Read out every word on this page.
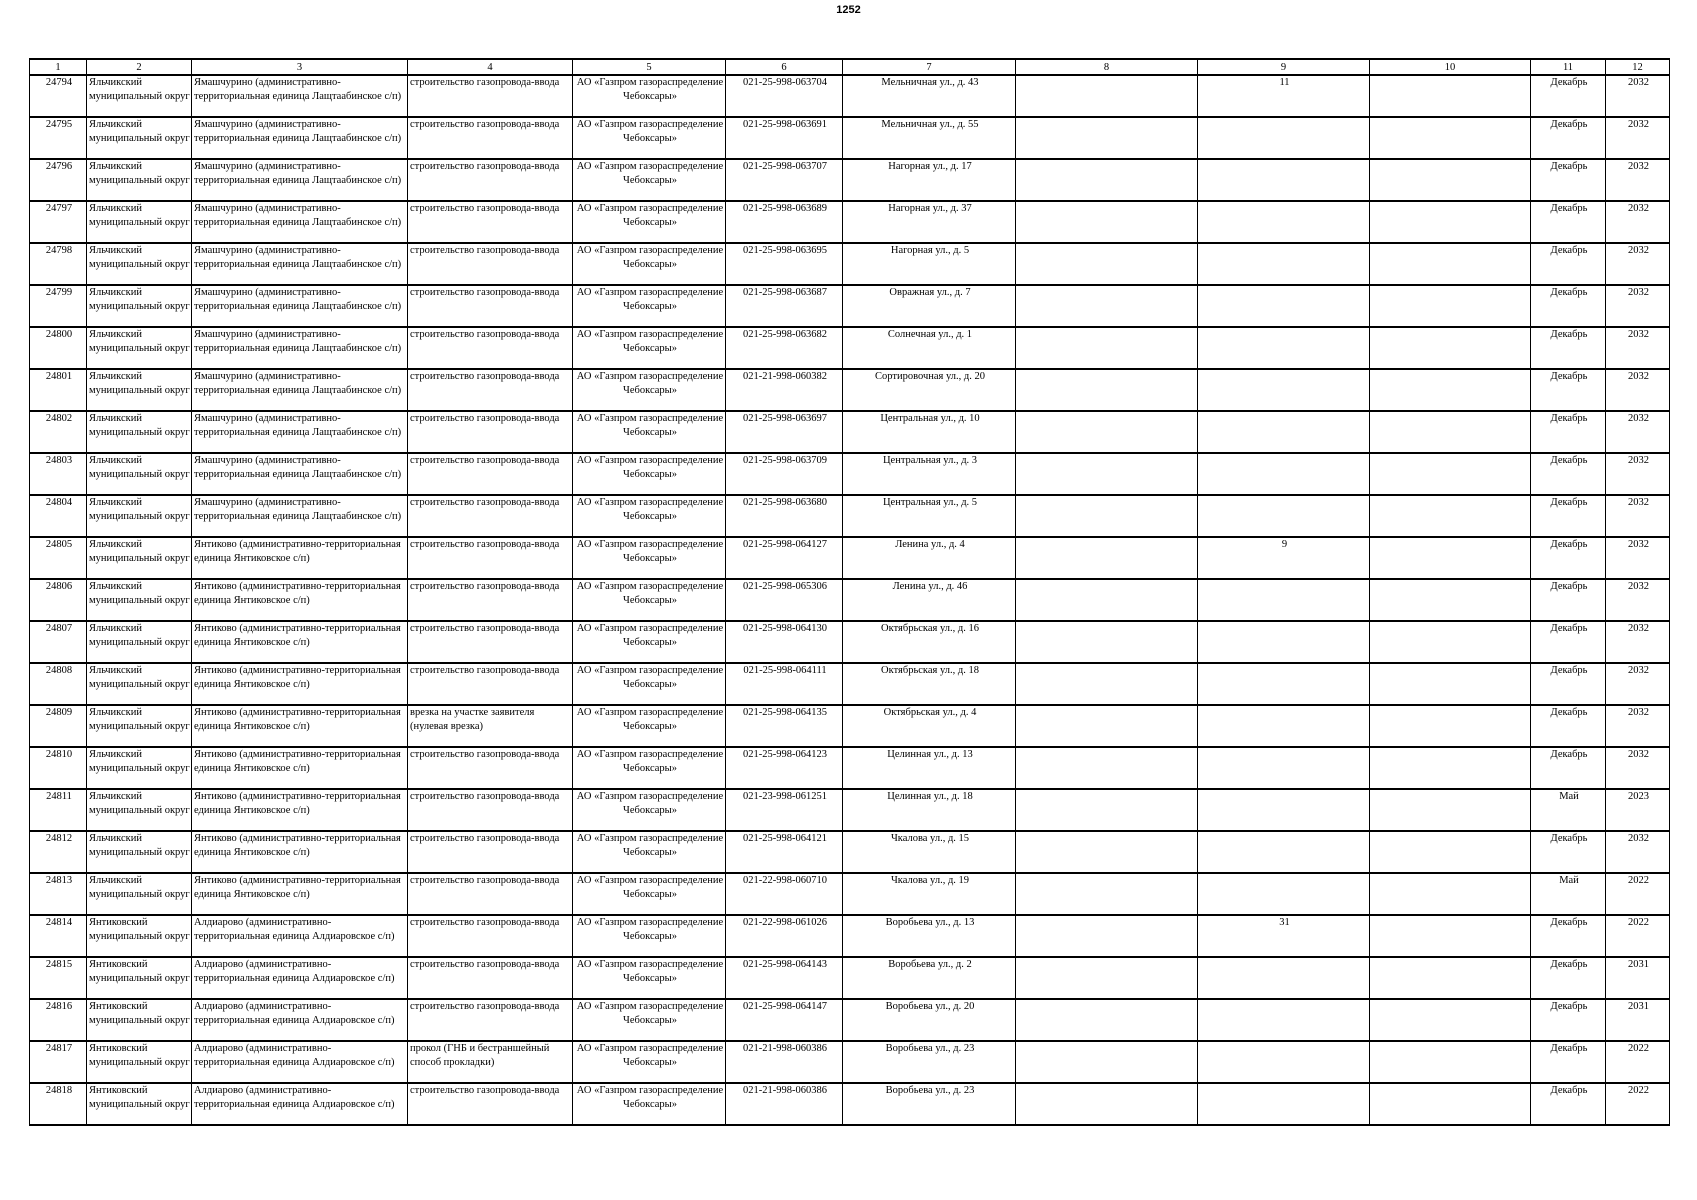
1252
1	2	3	4	5	6	7	8	9	10	11	12

24794	Яльчикский муниципальный округ	Ямашчурино (административно-территориальная единица Лащтаабинское с/п)	строительство газопровода-ввода	АО «Газпром газораспределение Чебоксары»	021-25-998-063704	Мельничная ул., д. 43		11		Декабрь	2032

24795	Яльчикский муниципальный округ	Ямашчурино (административно-территориальная единица Лащтаабинское с/п)	строительство газопровода-ввода	АО «Газпром газораспределение Чебоксары»	021-25-998-063691	Мельничная ул., д. 55				Декабрь	2032

24796	Яльчикский муниципальный округ	Ямашчурино (административно-территориальная единица Лащтаабинское с/п)	строительство газопровода-ввода	АО «Газпром газораспределение Чебоксары»	021-25-998-063707	Нагорная ул., д. 17				Декабрь	2032

24797	Яльчикский муниципальный округ	Ямашчурино (административно-территориальная единица Лащтаабинское с/п)	строительство газопровода-ввода	АО «Газпром газораспределение Чебоксары»	021-25-998-063689	Нагорная ул., д. 37				Декабрь	2032

24798	Яльчикский муниципальный округ	Ямашчурино (административно-территориальная единица Лащтаабинское с/п)	строительство газопровода-ввода	АО «Газпром газораспределение Чебоксары»	021-25-998-063695	Нагорная ул., д. 5				Декабрь	2032

24799	Яльчикский муниципальный округ	Ямашчурино (административно-территориальная единица Лащтаабинское с/п)	строительство газопровода-ввода	АО «Газпром газораспределение Чебоксары»	021-25-998-063687	Овражная ул., д. 7				Декабрь	2032

24800	Яльчикский муниципальный округ	Ямашчурино (административно-территориальная единица Лащтаабинское с/п)	строительство газопровода-ввода	АО «Газпром газораспределение Чебоксары»	021-25-998-063682	Солнечная ул., д. 1				Декабрь	2032

24801	Яльчикский муниципальный округ	Ямашчурино (административно-территориальная единица Лащтаабинское с/п)	строительство газопровода-ввода	АО «Газпром газораспределение Чебоксары»	021-21-998-060382	Сортировочная ул., д. 20				Декабрь	2032

24802	Яльчикский муниципальный округ	Ямашчурино (административно-территориальная единица Лащтаабинское с/п)	строительство газопровода-ввода	АО «Газпром газораспределение Чебоксары»	021-25-998-063697	Центральная ул., д. 10				Декабрь	2032

24803	Яльчикский муниципальный округ	Ямашчурино (административно-территориальная единица Лащтаабинское с/п)	строительство газопровода-ввода	АО «Газпром газораспределение Чебоксары»	021-25-998-063709	Центральная ул., д. 3				Декабрь	2032

24804	Яльчикский муниципальный округ	Ямашчурино (административно-территориальная единица Лащтаабинское с/п)	строительство газопровода-ввода	АО «Газпром газораспределение Чебоксары»	021-25-998-063680	Центральная ул., д. 5				Декабрь	2032

24805	Яльчикский муниципальный округ	Янтиково (административно-территориальная единица Янтиковское с/п)	строительство газопровода-ввода	АО «Газпром газораспределение Чебоксары»	021-25-998-064127	Ленина ул., д. 4		9		Декабрь	2032

24806	Яльчикский муниципальный округ	Янтиково (административно-территориальная единица Янтиковское с/п)	строительство газопровода-ввода	АО «Газпром газораспределение Чебоксары»	021-25-998-065306	Ленина ул., д. 46				Декабрь	2032

24807	Яльчикский муниципальный округ	Янтиково (административно-территориальная единица Янтиковское с/п)	строительство газопровода-ввода	АО «Газпром газораспределение Чебоксары»	021-25-998-064130	Октябрьская ул., д. 16				Декабрь	2032

24808	Яльчикский муниципальный округ	Янтиково (административно-территориальная единица Янтиковское с/п)	строительство газопровода-ввода	АО «Газпром газораспределение Чебоксары»	021-25-998-064111	Октябрьская ул., д. 18				Декабрь	2032

24809	Яльчикский муниципальный округ	Янтиково (административно-территориальная единица Янтиковское с/п)	врезка на участке заявителя (нулевая врезка)	АО «Газпром газораспределение Чебоксары»	021-25-998-064135	Октябрьская ул., д. 4				Декабрь	2032

24810	Яльчикский муниципальный округ	Янтиково (административно-территориальная единица Янтиковское с/п)	строительство газопровода-ввода	АО «Газпром газораспределение Чебоксары»	021-25-998-064123	Целинная ул., д. 13				Декабрь	2032

24811	Яльчикский муниципальный округ	Янтиково (административно-территориальная единица Янтиковское с/п)	строительство газопровода-ввода	АО «Газпром газораспределение Чебоксары»	021-23-998-061251	Целинная ул., д. 18				Май	2023

24812	Яльчикский муниципальный округ	Янтиково (административно-территориальная единица Янтиковское с/п)	строительство газопровода-ввода	АО «Газпром газораспределение Чебоксары»	021-25-998-064121	Чкалова ул., д. 15				Декабрь	2032

24813	Яльчикский муниципальный округ	Янтиково (административно-территориальная единица Янтиковское с/п)	строительство газопровода-ввода	АО «Газпром газораспределение Чебоксары»	021-22-998-060710	Чкалова ул., д. 19				Май	2022

24814	Янтиковский муниципальный округ	Алдиарово (административно-территориальная единица Алдиаровское с/п)	строительство газопровода-ввода	АО «Газпром газораспределение Чебоксары»	021-22-998-061026	Воробьева ул., д. 13		31		Декабрь	2022

24815	Янтиковский муниципальный округ	Алдиарово (административно-территориальная единица Алдиаровское с/п)	строительство газопровода-ввода	АО «Газпром газораспределение Чебоксары»	021-25-998-064143	Воробьева ул., д. 2				Декабрь	2031

24816	Янтиковский муниципальный округ	Алдиарово (административно-территориальная единица Алдиаровское с/п)	строительство газопровода-ввода	АО «Газпром газораспределение Чебоксары»	021-25-998-064147	Воробьева ул., д. 20				Декабрь	2031

24817	Янтиковский муниципальный округ	Алдиарово (административно-территориальная единица Алдиаровское с/п)	прокол (ГНБ и бестраншейный способ прокладки)	АО «Газпром газораспределение Чебоксары»	021-21-998-060386	Воробьева ул., д. 23				Декабрь	2022

24818	Янтиковский муниципальный округ	Алдиарово (административно-территориальная единица Алдиаровское с/п)	строительство газопровода-ввода	АО «Газпром газораспределение Чебоксары»	021-21-998-060386	Воробьева ул., д. 23				Декабрь	2022
